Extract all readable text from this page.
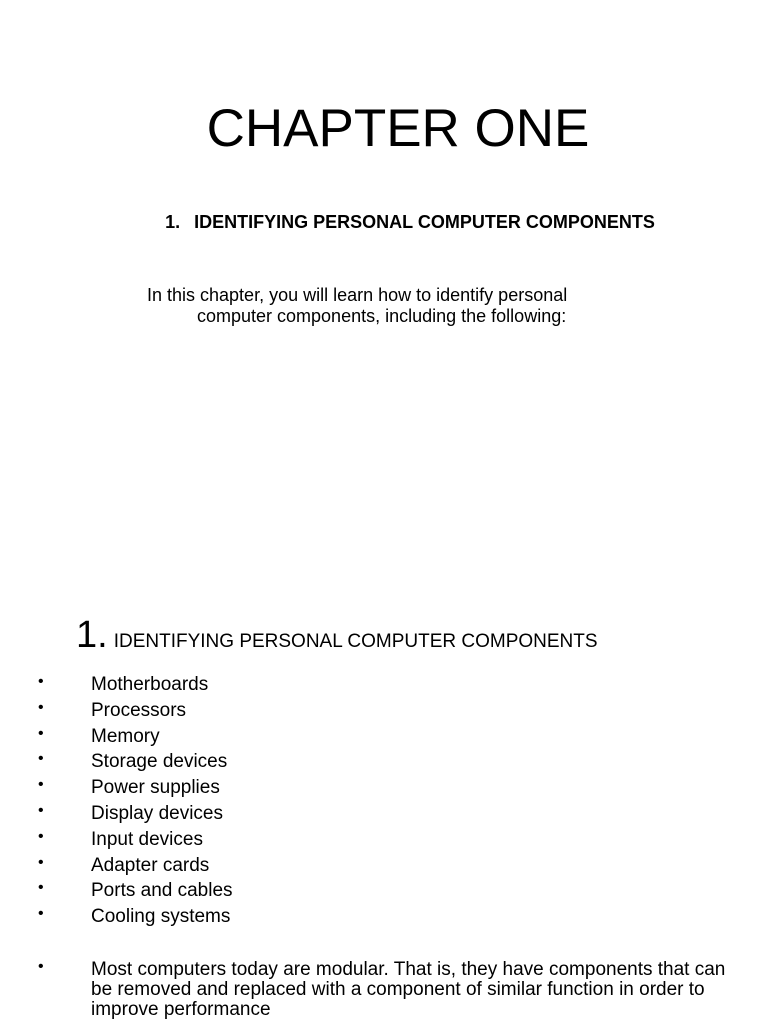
CHAPTER ONE
1. IDENTIFYING PERSONAL COMPUTER COMPONENTS
In this chapter, you will learn how to identify personal
computer components, including the following:
1. IDENTIFYING PERSONAL COMPUTER COMPONENTS
• Motherboards
• Processors
• Memory
• Storage devices
• Power supplies
• Display devices
• Input devices
• Adapter cards
• Ports and cables
• Cooling systems
• Most computers today are modular. That is, they have components that can be removed and replaced with a component of similar function in order to improve performance
